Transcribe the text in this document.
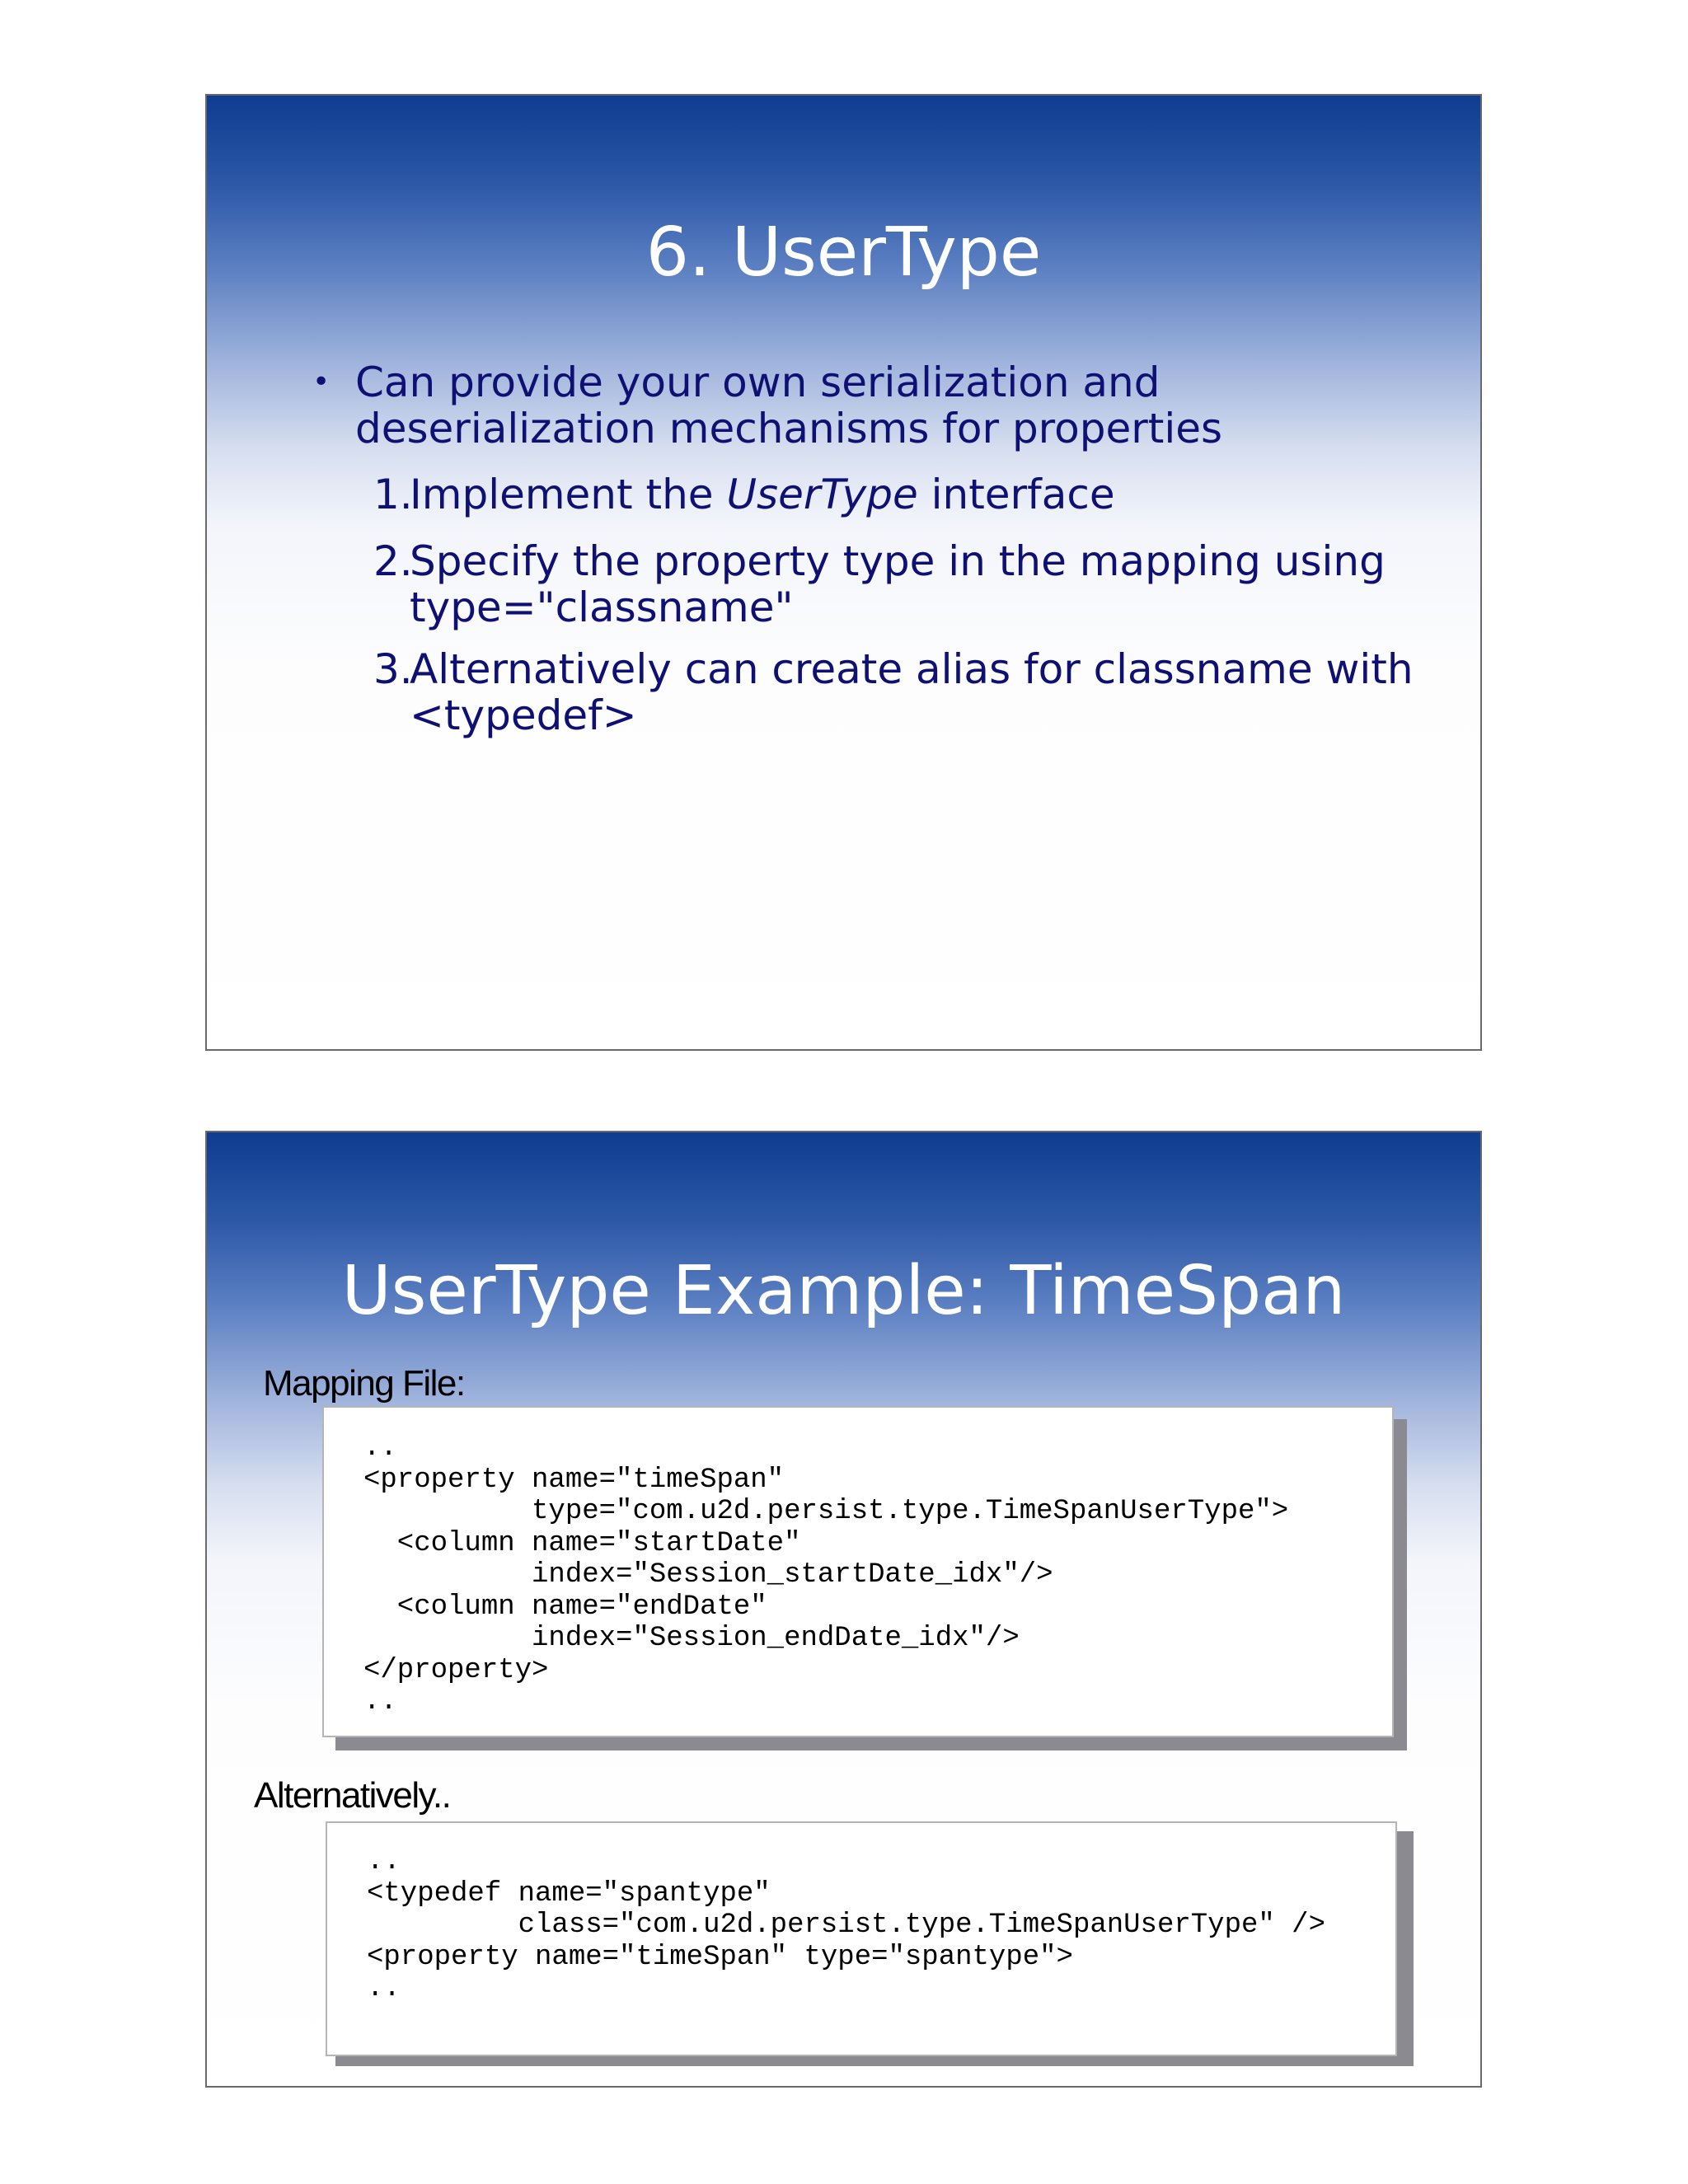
6. UserType
• Can provide your own serialization and deserialization mechanisms for properties
1.
Implement the UserType interface
2.
Specify the property type in the mapping using type="classname"
3.
Alternatively can create alias for classname with <typedef>
UserType Example: TimeSpan
Mapping File:
..
<property name="timeSpan"
type="com.u2d.persist.type.TimeSpanUserType">
<column name="startDate"
index="Session_startDate_idx"/>
<column name="endDate"
index="Session_endDate_idx"/>
</property>
..
Alternatively..
..
<typedef name="spantype"
class="com.u2d.persist.type.TimeSpanUserType" />
<property name="timeSpan" type="spantype">
..
